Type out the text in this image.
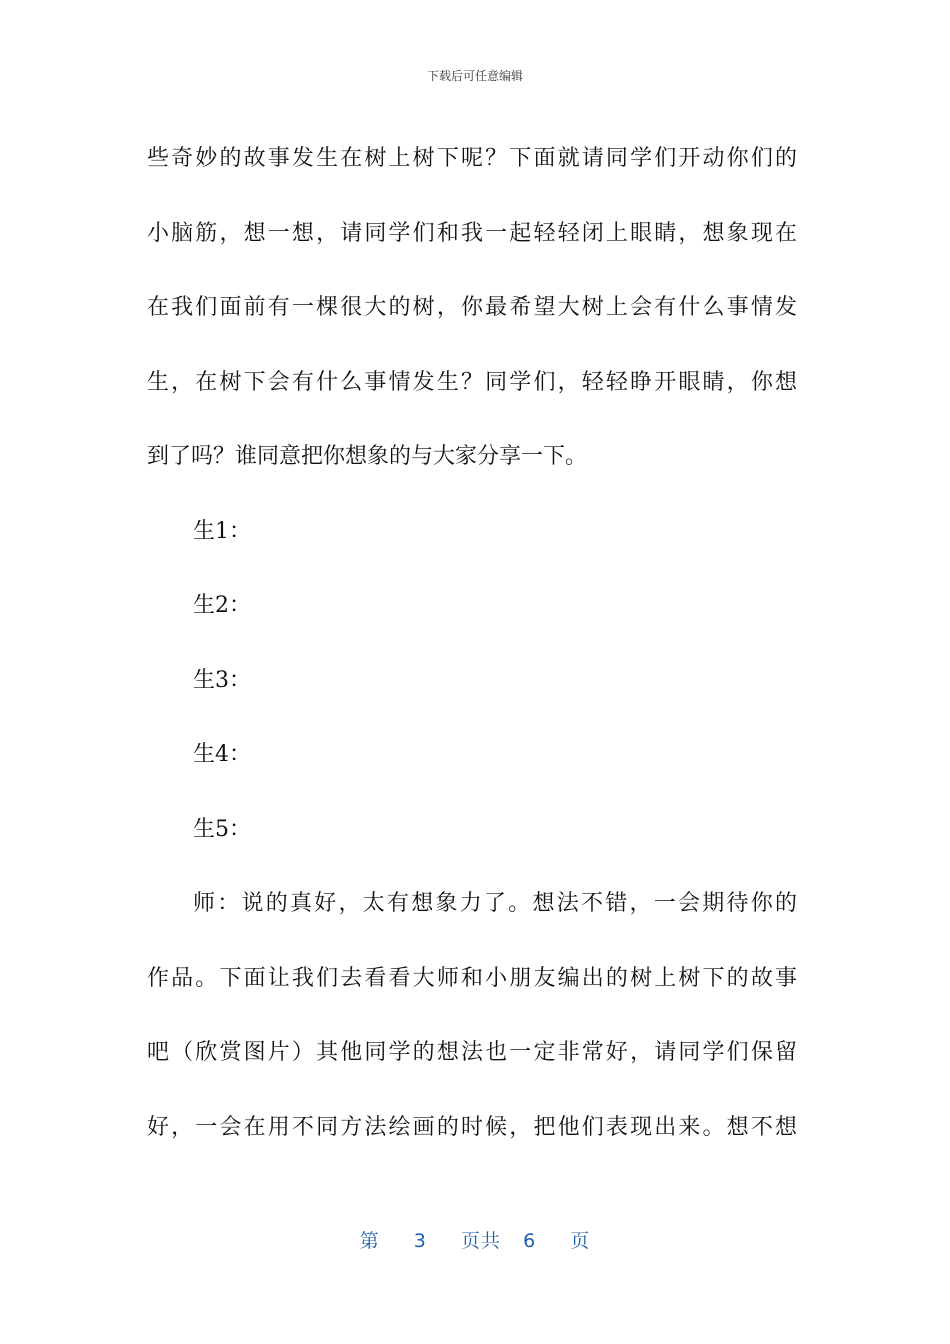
下载后可任意编辑
些奇妙的故事发生在树上树下呢？下面就请同学们开动你们的
小脑筋，想一想，请同学们和我一起轻轻闭上眼睛，想象现在
在我们面前有一棵很大的树，你最希望大树上会有什么事情发
生，在树下会有什么事情发生？同学们，轻轻睁开眼睛，你想
到了吗？谁同意把你想象的与大家分享一下。
生1：
生2：
生3：
生4：
生5：
师：说的真好，太有想象力了。想法不错，一会期待你的
作品。下面让我们去看看大师和小朋友编出的树上树下的故事
吧（欣赏图片）其他同学的想法也一定非常好，请同学们保留
好，一会在用不同方法绘画的时候，把他们表现出来。想不想
第 3 页共 6 页
